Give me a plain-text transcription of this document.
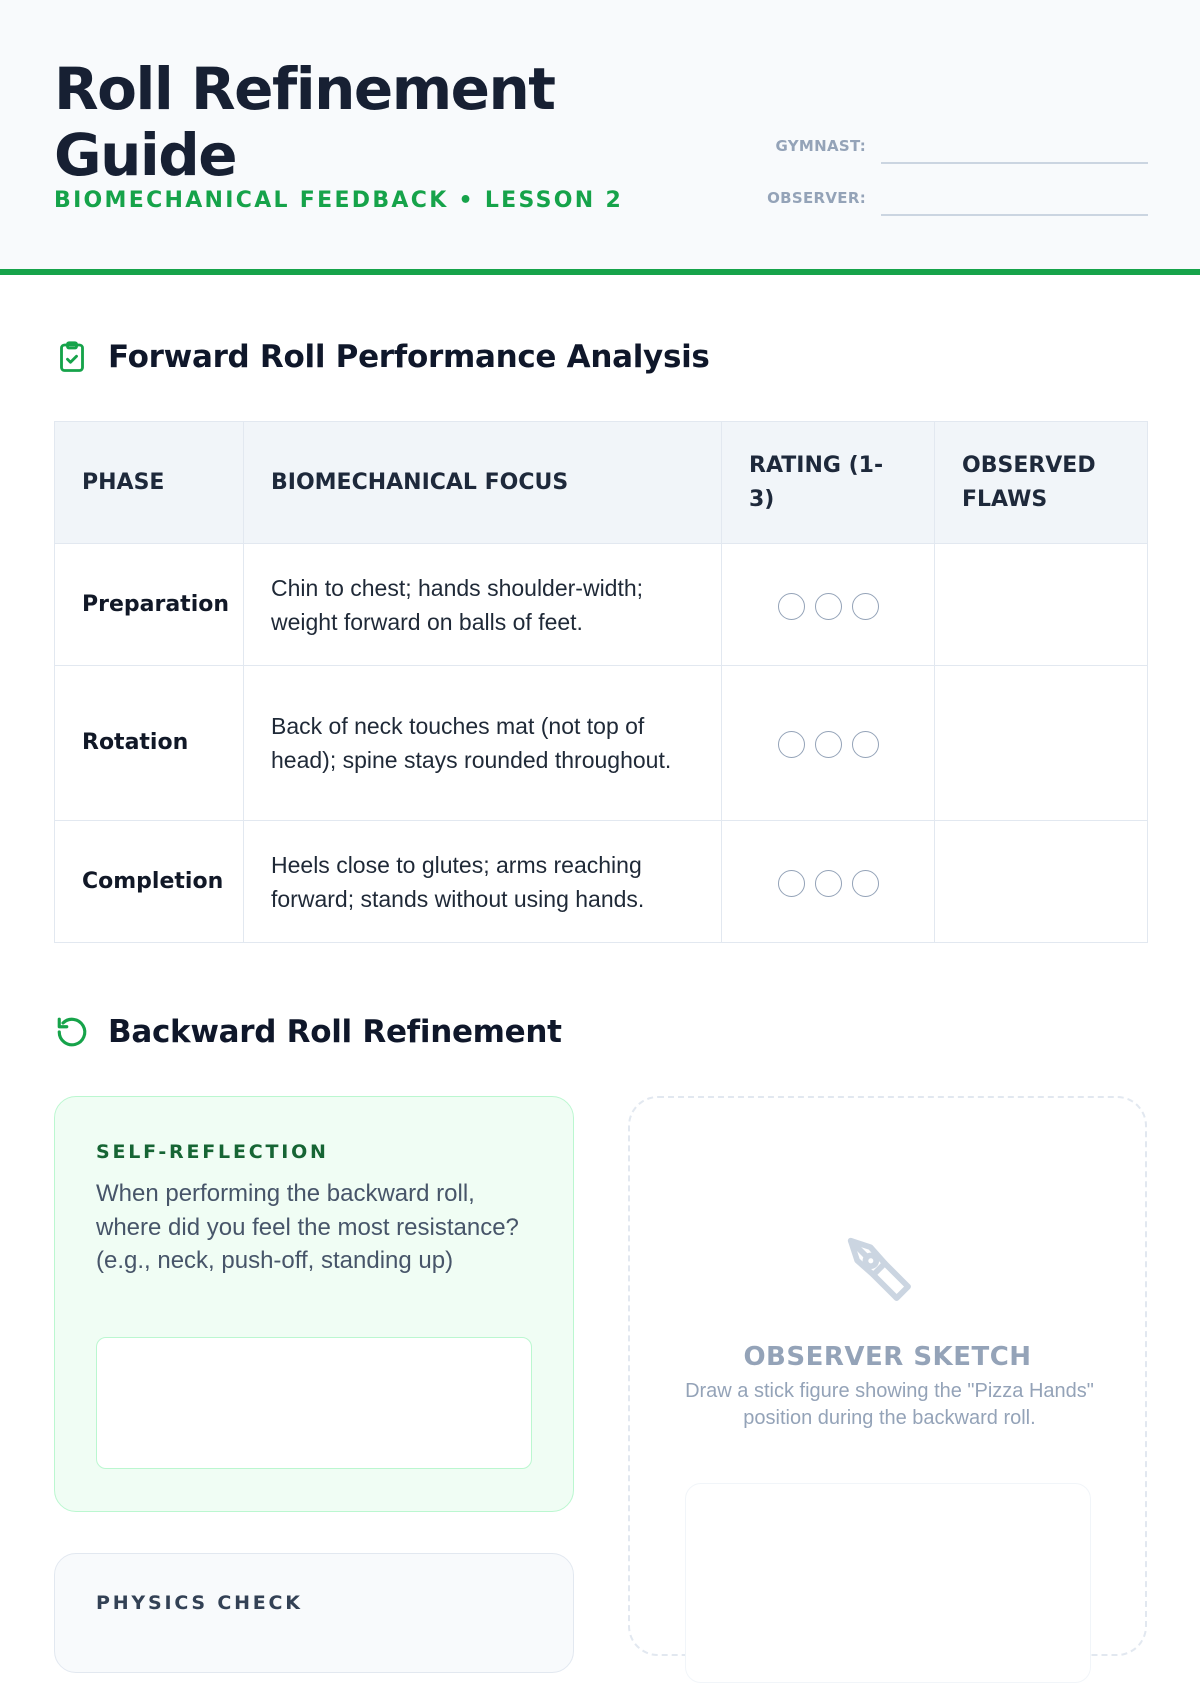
Roll Refinement Guide
BIOMECHANICAL FEEDBACK • LESSON 2
GYMNAST:
OBSERVER:
Forward Roll Performance Analysis
PHASE	BIOMECHANICAL FOCUS	RATING (1-3)	OBSERVED FLAWS
Preparation	Chin to chest; hands shoulder-width; weight forward on balls of feet.		
Rotation	Back of neck touches mat (not top of head); spine stays rounded throughout.		
Completion	Heels close to glutes; arms reaching forward; stands without using hands.		
Backward Roll Refinement
SELF-REFLECTION
When performing the backward roll, where did you feel the most resistance? (e.g., neck, push-off, standing up)
PHYSICS CHECK
OBSERVER SKETCH
Draw a stick figure showing the "Pizza Hands" position during the backward roll.
